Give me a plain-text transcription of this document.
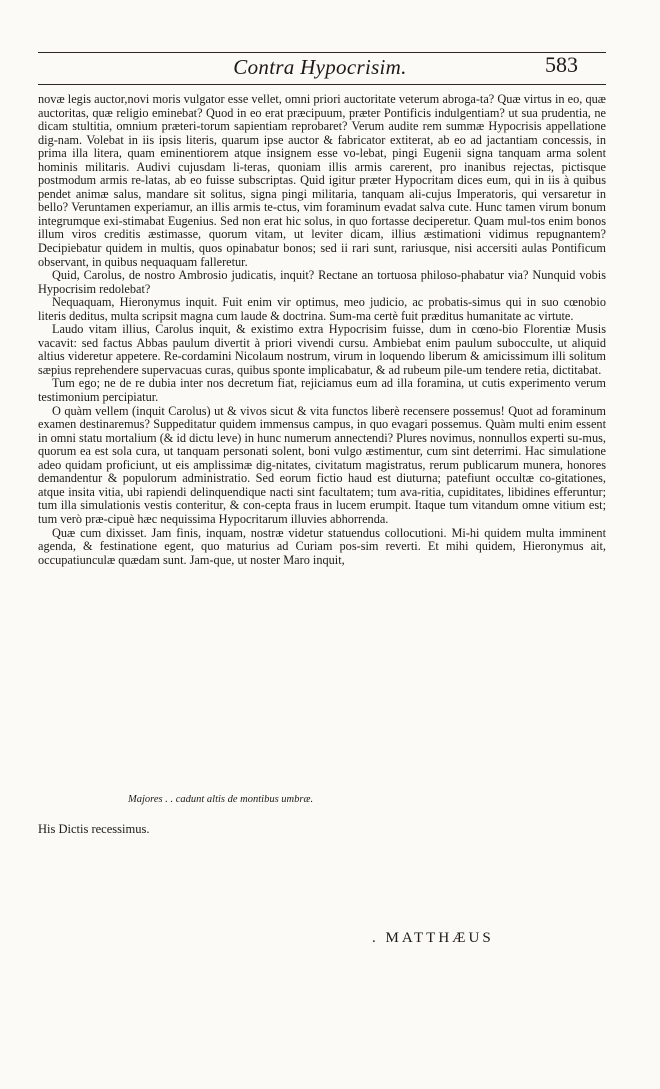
Contra Hypocrisim.	583

novæ legis auctor,novi moris vulgator esse vellet, omni priori auctoritate veterum abroga-ta? Quæ virtus in eo, quæ auctoritas, quæ religio eminebat? Quod in eo erat præcipuum, præter Pontificis indulgentiam? ut sua prudentia, ne dicam stultitia, omnium præteri-torum sapientiam reprobaret? Verum audite rem summæ Hypocrisis appellatione dig-nam. Volebat in iis ipsis literis, quarum ipse auctor & fabricator extiterat, ab eo ad jactantiam concessis, in prima illa litera, quam eminentiorem atque insignem esse vo-lebat, pingi Eugenii signa tanquam arma solent hominis militaris. Audivi cujusdam li-teras, quoniam illis armis carerent, pro inanibus rejectas, pictisque postmodum armis re-latas, ab eo fuisse subscriptas. Quid igitur præter Hypocritam dices eum, qui in iis à quibus pendet animæ salus, mandare sit solitus, signa pingi militaria, tanquam ali-cujus Imperatoris, qui versaretur in bello? Veruntamen experiamur, an illis armis te-ctus, vim foraminum evadat salva cute. Hunc tamen virum bonum integrumque exi-stimabat Eugenius. Sed non erat hic solus, in quo fortasse deciperetur. Quam mul-tos enim bonos illum viros creditis æstimasse, quorum vitam, ut leviter dicam, illius æstimationi vidimus repugnantem? Decipiebatur quidem in multis, quos opinabatur bonos; sed ii rari sunt, rariusque, nisi accersiti aulas Pontificum observant, in quibus nequaquam falleretur.

Quid, Carolus, de nostro Ambrosio judicatis, inquit? Rectane an tortuosa philoso-phabatur via? Nunquid vobis Hypocrisim redolebat?

Nequaquam, Hieronymus inquit. Fuit enim vir optimus, meo judicio, ac probatis-simus qui in suo cœnobio literis deditus, multa scripsit magna cum laude & doctrina. Sum-ma certè fuit præditus humanitate ac virtute.

Laudo vitam illius, Carolus inquit, & existimo extra Hypocrisim fuisse, dum in cœno-bio Florentiæ Musis vacavit: sed factus Abbas paulum divertit à priori vivendi cursu. Ambiebat enim paulum subocculte, ut aliquid altius videretur appetere. Re-cordamini Nicolaum nostrum, virum in loquendo liberum & amicissimum illi solitum sæpius reprehendere supervacuas curas, quibus sponte implicabatur, & ad rubeum pile-um tendere retia, dictitabat.

Tum ego; ne de re dubia inter nos decretum fiat, rejiciamus eum ad illa foramina, ut cutis experimento verum testimonium percipiatur.

O quàm vellem (inquit Carolus) ut & vivos sicut & vita functos liberè recensere possemus! Quot ad foraminum examen destinaremus? Suppeditatur quidem immensus campus, in quo evagari possemus. Quàm multi enim essent in omni statu mortalium (& id dictu leve) in hunc numerum annectendi? Plures novimus, nonnullos experti su-mus, quorum ea est sola cura, ut tanquam personati solent, boni vulgo æstimentur, cum sint deterrimi. Hac simulatione adeo quidam proficiunt, ut eis amplissimæ dig-nitates, civitatum magistratus, rerum publicarum munera, honores demandentur & populorum administratio. Sed eorum fictio haud est diuturna; patefiunt occultæ co-gitationes, atque insita vitia, ubi rapiendi delinquendique nacti sint facultatem; tum ava-ritia, cupiditates, libidines efferuntur; tum illa simulationis vestis conteritur, & con-cepta fraus in lucem erumpit. Itaque tum vitandum omne vitium est; tum verò præ-cipuè hæc nequissima Hypocritarum illuvies abhorrenda.

Quæ cum dixisset. Jam finis, inquam, nostræ videtur statuendus collocutioni. Mi-hi quidem multa imminent agenda, & festinatione egent, quo maturius ad Curiam pos-sim reverti. Et mihi quidem, Hieronymus ait, occupatiunculæ quædam sunt. Jam-que, ut noster Maro inquit,

Majores . . cadunt altis de montibus umbræ.
His Dictis recessimus.
. MATTHÆUS
